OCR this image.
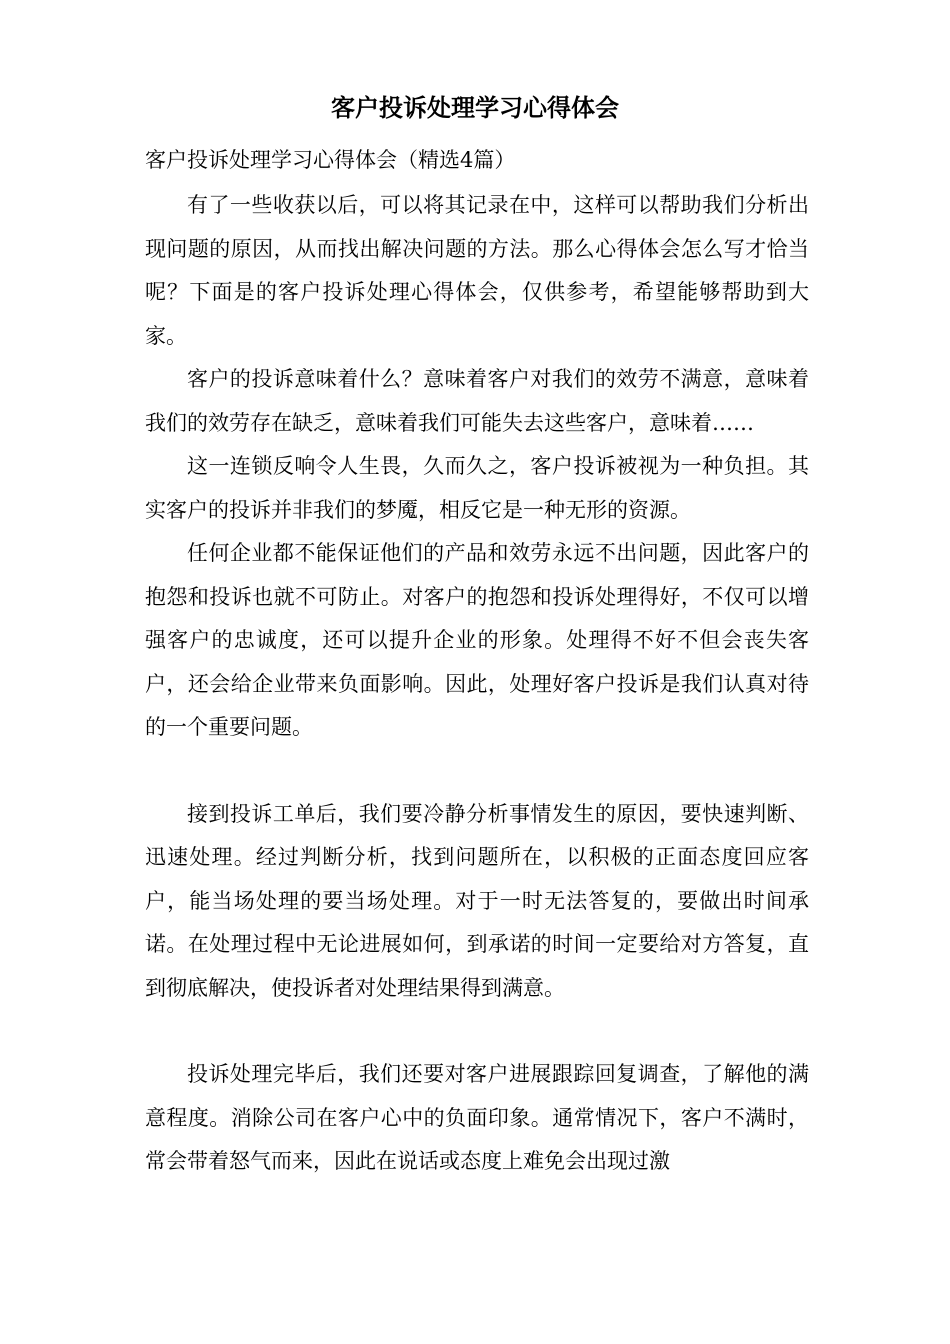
客户投诉处理学习心得体会

客户投诉处理学习心得体会（精选4篇）

有了一些收获以后，可以将其记录在中，这样可以帮助我们分析出现问题的原因，从而找出解决问题的方法。那么心得体会怎么写才恰当呢？下面是的客户投诉处理心得体会，仅供参考，希望能够帮助到大家。

客户的投诉意味着什么？意味着客户对我们的效劳不满意，意味着我们的效劳存在缺乏，意味着我们可能失去这些客户，意味着……

这一连锁反响令人生畏，久而久之，客户投诉被视为一种负担。其实客户的投诉并非我们的梦魇，相反它是一种无形的资源。

任何企业都不能保证他们的产品和效劳永远不出问题，因此客户的抱怨和投诉也就不可防止。对客户的抱怨和投诉处理得好，不仅可以增强客户的忠诚度，还可以提升企业的形象。处理得不好不但会丧失客户，还会给企业带来负面影响。因此，处理好客户投诉是我们认真对待的一个重要问题。

接到投诉工单后，我们要冷静分析事情发生的原因，要快速判断、迅速处理。经过判断分析，找到问题所在，以积极的正面态度回应客户，能当场处理的要当场处理。对于一时无法答复的，要做出时间承诺。在处理过程中无论进展如何，到承诺的时间一定要给对方答复，直到彻底解决，使投诉者对处理结果得到满意。

投诉处理完毕后，我们还要对客户进展跟踪回复调查，了解他的满意程度。消除公司在客户心中的负面印象。通常情况下，客户不满时，常会带着怒气而来，因此在说话或态度上难免会出现过激
